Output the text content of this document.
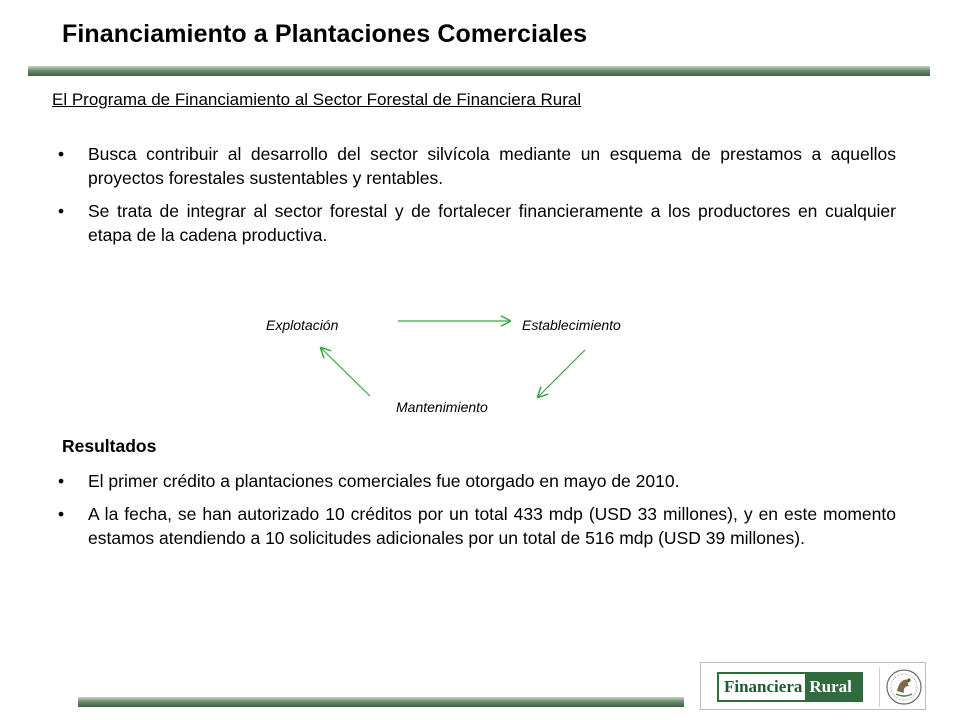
Financiamiento a Plantaciones Comerciales
El Programa de Financiamiento al Sector Forestal de Financiera Rural
• Busca contribuir al desarrollo del sector silvícola mediante un esquema de prestamos a aquellos proyectos forestales sustentables y rentables.
• Se trata de integrar al sector forestal y de fortalecer financieramente a los productores en cualquier etapa de la cadena productiva.
Explotación	Establecimiento
Mantenimiento
Resultados
• El primer crédito a plantaciones comerciales fue otorgado en mayo de 2010.
• A la fecha, se han autorizado 10 créditos por un total 433 mdp (USD 33 millones), y en este momento estamos atendiendo a 10 solicitudes adicionales por un total de 516 mdp (USD 39 millones).
Financiera Rural
